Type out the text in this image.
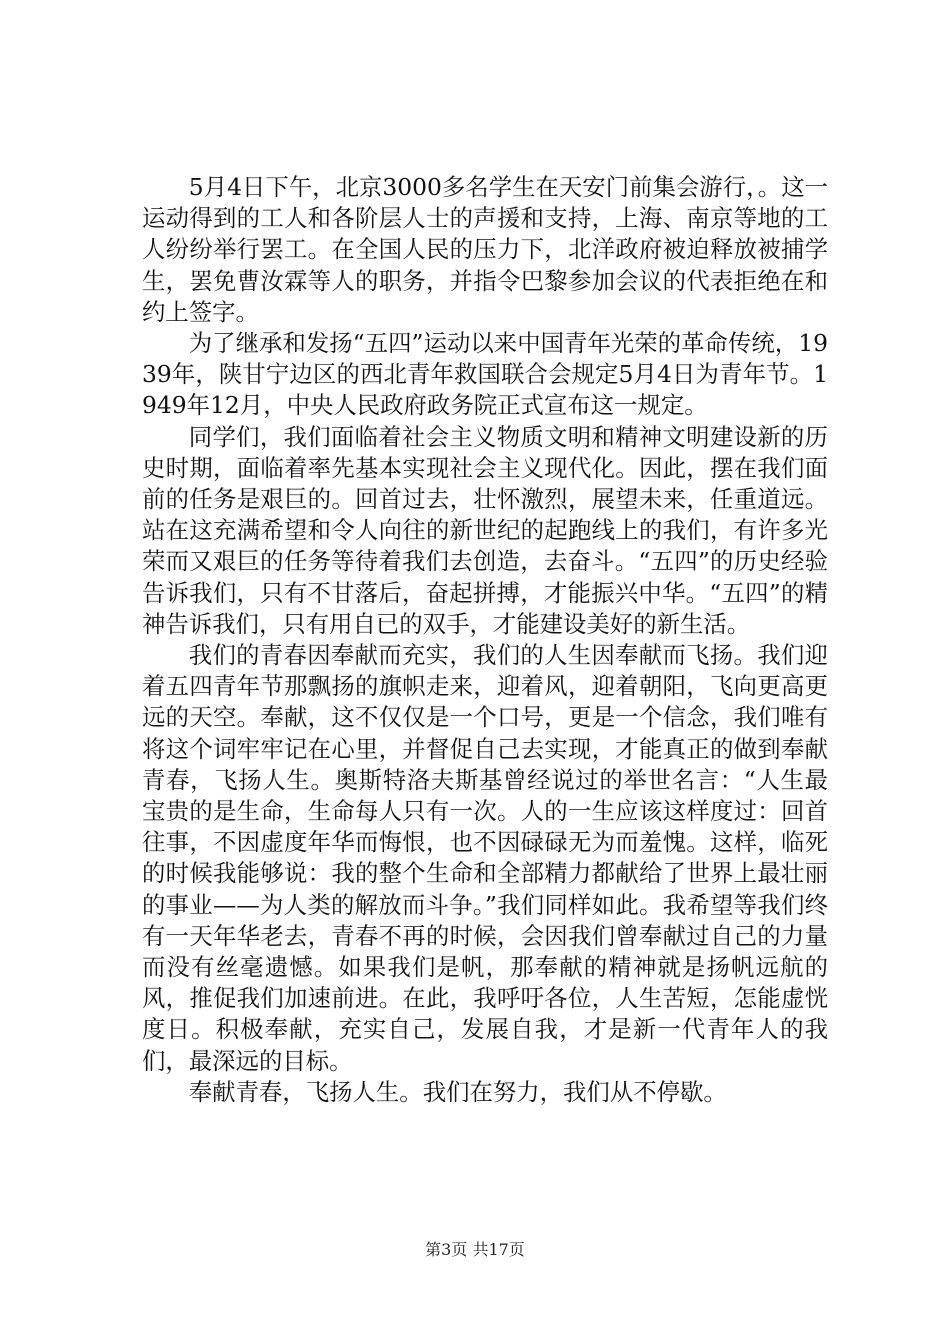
5月4日下午，北京3000多名学生在天安门前集会游行，。这一运动得到的工人和各阶层人士的声援和支持，上海、南京等地的工人纷纷举行罢工。在全国人民的压力下，北洋政府被迫释放被捕学生，罢免曹汝霖等人的职务，并指令巴黎参加会议的代表拒绝在和约上签字。

为了继承和发扬“五四”运动以来中国青年光荣的革命传统，1939年，陕甘宁边区的西北青年救国联合会规定5月4日为青年节。1949年12月，中央人民政府政务院正式宣布这一规定。

同学们，我们面临着社会主义物质文明和精神文明建设新的历史时期，面临着率先基本实现社会主义现代化。因此，摆在我们面前的任务是艰巨的。回首过去，壮怀激烈，展望未来，任重道远。站在这充满希望和令人向往的新世纪的起跑线上的我们，有许多光荣而又艰巨的任务等待着我们去创造，去奋斗。“五四”的历史经验告诉我们，只有不甘落后，奋起拼搏，才能振兴中华。“五四”的精神告诉我们，只有用自已的双手，才能建设美好的新生活。

我们的青春因奉献而充实，我们的人生因奉献而飞扬。我们迎着五四青年节那飘扬的旗帜走来，迎着风，迎着朝阳，飞向更高更远的天空。奉献，这不仅仅是一个口号，更是一个信念，我们唯有将这个词牢牢记在心里，并督促自己去实现，才能真正的做到奉献青春，飞扬人生。奥斯特洛夫斯基曾经说过的举世名言：“人生最宝贵的是生命，生命每人只有一次。人的一生应该这样度过：回首往事，不因虚度年华而悔恨，也不因碌碌无为而羞愧。这样，临死的时候我能够说：我的整个生命和全部精力都献给了世界上最壮丽的事业——为人类的解放而斗争。”我们同样如此。我希望等我们终有一天年华老去，青春不再的时候，会因我们曾奉献过自己的力量而没有丝毫遗憾。如果我们是帆，那奉献的精神就是扬帆远航的风，推促我们加速前进。在此，我呼吁各位，人生苦短，怎能虚恍度日。积极奉献，充实自己，发展自我，才是新一代青年人的我们，最深远的目标。

奉献青春，飞扬人生。我们在努力，我们从不停歇。

第3页 共17页
